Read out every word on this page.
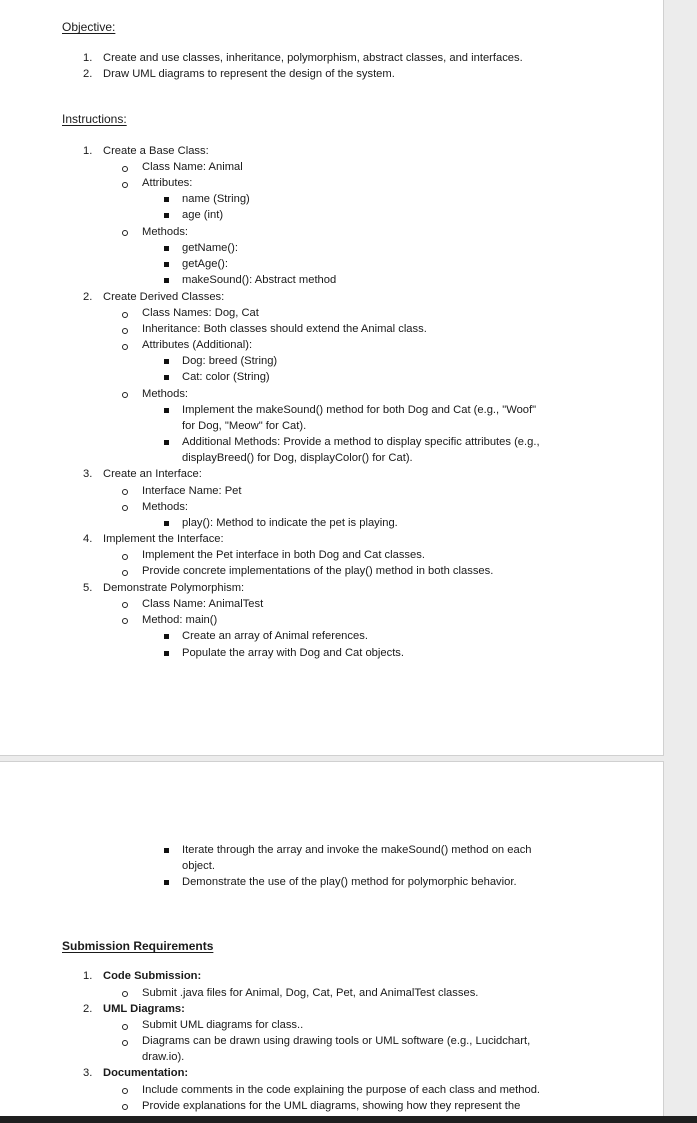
Objective:
1. Create and use classes, inheritance, polymorphism, abstract classes, and interfaces.
2. Draw UML diagrams to represent the design of the system.
Instructions:
1. Create a Base Class:
Class Name: Animal
Attributes:
name (String)
age (int)
Methods:
getName():
getAge():
makeSound(): Abstract method
2. Create Derived Classes:
Class Names: Dog, Cat
Inheritance: Both classes should extend the Animal class.
Attributes (Additional):
Dog: breed (String)
Cat: color (String)
Methods:
Implement the makeSound() method for both Dog and Cat (e.g., "Woof"
for Dog, "Meow" for Cat).
Additional Methods: Provide a method to display specific attributes (e.g.,
displayBreed() for Dog, displayColor() for Cat).
3. Create an Interface:
Interface Name: Pet
Methods:
play(): Method to indicate the pet is playing.
4. Implement the Interface:
Implement the Pet interface in both Dog and Cat classes.
Provide concrete implementations of the play() method in both classes.
5. Demonstrate Polymorphism:
Class Name: AnimalTest
Method: main()
Create an array of Animal references.
Populate the array with Dog and Cat objects.
Iterate through the array and invoke the makeSound() method on each
object.
Demonstrate the use of the play() method for polymorphic behavior.
Submission Requirements
1. Code Submission:
Submit .java files for Animal, Dog, Cat, Pet, and AnimalTest classes.
2. UML Diagrams:
Submit UML diagrams for class..
Diagrams can be drawn using drawing tools or UML software (e.g., Lucidchart,
draw.io).
3. Documentation:
Include comments in the code explaining the purpose of each class and method.
Provide explanations for the UML diagrams, showing how they represent the
